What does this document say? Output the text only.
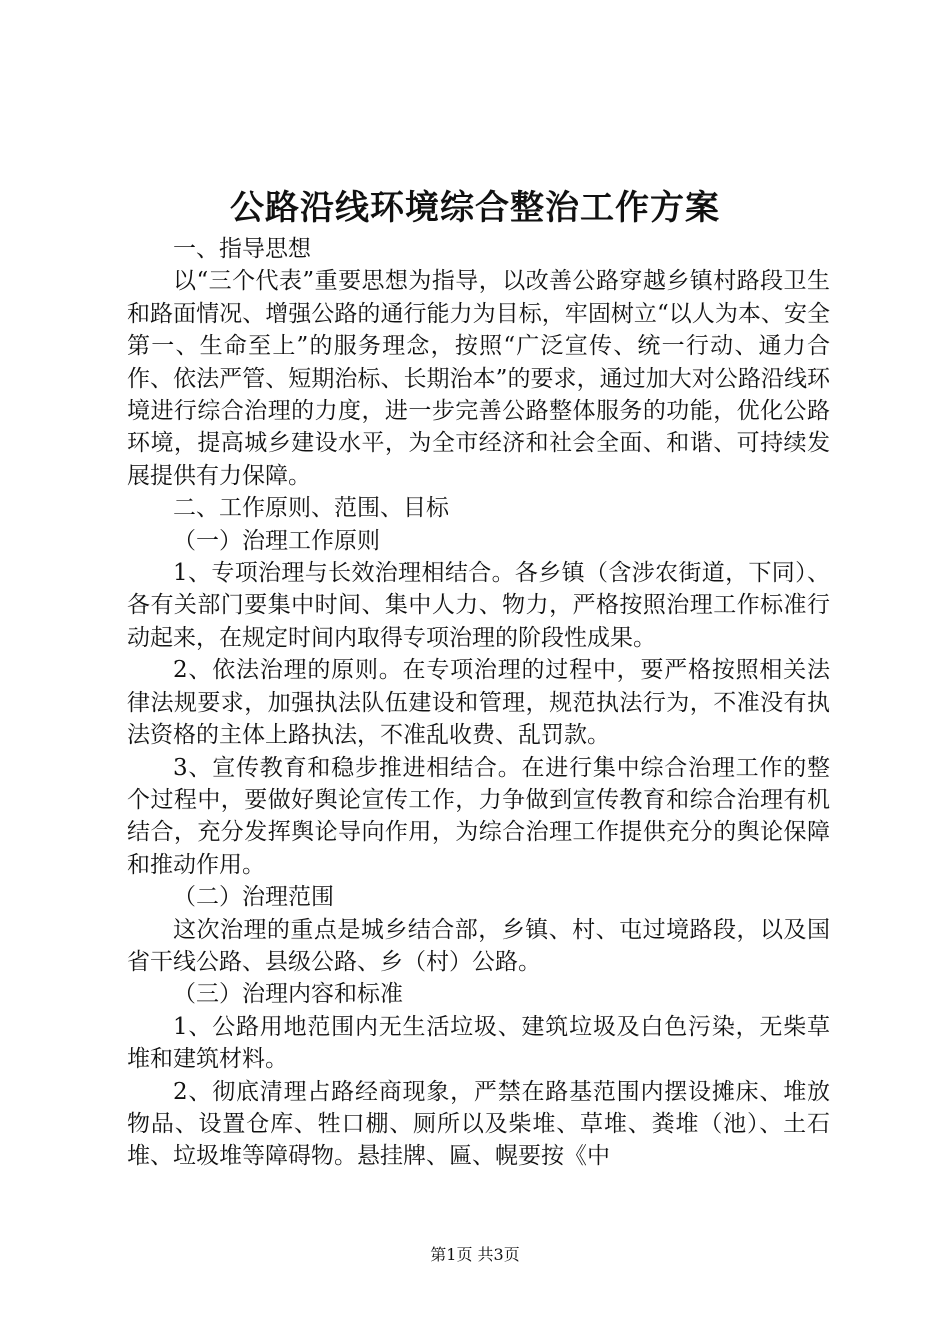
公路沿线环境综合整治工作方案

一、指导思想

以“三个代表”重要思想为指导，以改善公路穿越乡镇村路段卫生和路面情况、增强公路的通行能力为目标，牢固树立“以人为本、安全第一、生命至上”的服务理念，按照“广泛宣传、统一行动、通力合作、依法严管、短期治标、长期治本”的要求，通过加大对公路沿线环境进行综合治理的力度，进一步完善公路整体服务的功能，优化公路环境，提高城乡建设水平，为全市经济和社会全面、和谐、可持续发展提供有力保障。

二、工作原则、范围、目标

（一）治理工作原则

1、专项治理与长效治理相结合。各乡镇（含涉农街道，下同）、各有关部门要集中时间、集中人力、物力，严格按照治理工作标准行动起来，在规定时间内取得专项治理的阶段性成果。

2、依法治理的原则。在专项治理的过程中，要严格按照相关法律法规要求，加强执法队伍建设和管理，规范执法行为，不准没有执法资格的主体上路执法，不准乱收费、乱罚款。

3、宣传教育和稳步推进相结合。在进行集中综合治理工作的整个过程中，要做好舆论宣传工作，力争做到宣传教育和综合治理有机结合，充分发挥舆论导向作用，为综合治理工作提供充分的舆论保障和推动作用。

（二）治理范围

这次治理的重点是城乡结合部，乡镇、村、屯过境路段，以及国省干线公路、县级公路、乡（村）公路。

（三）治理内容和标准

1、公路用地范围内无生活垃圾、建筑垃圾及白色污染，无柴草堆和建筑材料。

2、彻底清理占路经商现象，严禁在路基范围内摆设摊床、堆放物品、设置仓库、牲口棚、厕所以及柴堆、草堆、粪堆（池）、土石堆、垃圾堆等障碍物。悬挂牌、匾、幌要按《中

第1页 共3页
